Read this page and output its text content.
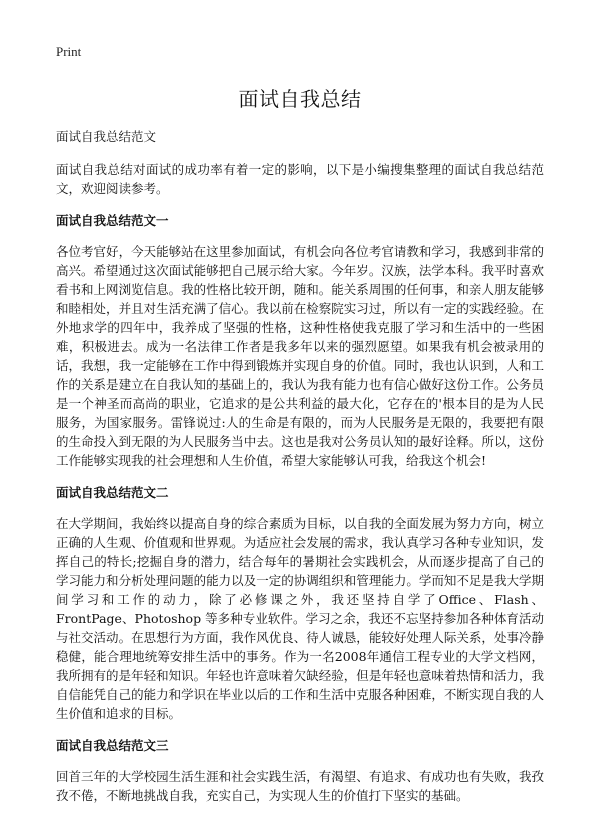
Print
面试自我总结

面试自我总结范文

面试自我总结对面试的成功率有着一定的影响，以下是小编搜集整理的面试自我总结范文，欢迎阅读参考。

面试自我总结范文一

各位考官好，今天能够站在这里参加面试，有机会向各位考官请教和学习，我感到非常的高兴。希望通过这次面试能够把自己展示给大家。今年岁。汉族，法学本科。我平时喜欢看书和上网浏览信息。我的性格比较开朗，随和。能关系周围的任何事，和亲人朋友能够和睦相处，并且对生活充满了信心。我以前在检察院实习过，所以有一定的实践经验。在外地求学的四年中，我养成了坚强的性格，这种性格使我克服了学习和生活中的一些困难，积极进去。成为一名法律工作者是我多年以来的强烈愿望。如果我有机会被录用的话，我想，我一定能够在工作中得到锻炼并实现自身的价值。同时，我也认识到，人和工作的关系是建立在自我认知的基础上的，我认为我有能力也有信心做好这份工作。公务员是一个神圣而高尚的职业，它追求的是公共利益的最大化，它存在的'根本目的是为人民服务，为国家服务。雷锋说过:人的生命是有限的，而为人民服务是无限的，我要把有限的生命投入到无限的为人民服务当中去。这也是我对公务员认知的最好诠释。所以，这份工作能够实现我的社会理想和人生价值，希望大家能够认可我，给我这个机会!

面试自我总结范文二

在大学期间，我始终以提高自身的综合素质为目标，以自我的全面发展为努力方向，树立正确的人生观、价值观和世界观。为适应社会发展的需求，我认真学习各种专业知识，发挥自己的特长;挖掘自身的潜力，结合每年的暑期社会实践机会，从而逐步提高了自己的学习能力和分析处理问题的能力以及一定的协调组织和管理能力。学而知不足是我大学期间学习和工作的动力，除了必修课之外，我还坚持自学了Office、Flash、FrontPage、Photoshop 等多种专业软件。学习之余，我还不忘坚持参加各种体育活动与社交活动。在思想行为方面，我作风优良、待人诚恳，能较好处理人际关系，处事冷静稳健，能合理地统筹安排生活中的事务。作为一名2008年通信工程专业的大学文档网，我所拥有的是年轻和知识。年轻也许意味着欠缺经验，但是年轻也意味着热情和活力，我自信能凭自己的能力和学识在毕业以后的工作和生活中克服各种困难，不断实现自我的人生价值和追求的目标。

面试自我总结范文三

回首三年的大学校园生活生涯和社会实践生活，有渴望、有追求、有成功也有失败，我孜孜不倦，不断地挑战自我，充实自己，为实现人生的价值打下坚实的基础。
